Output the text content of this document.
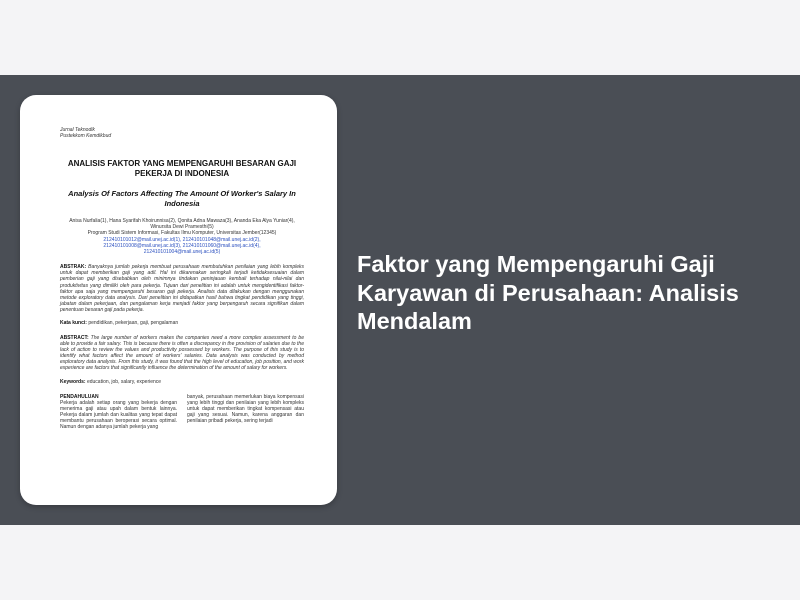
Jurnal Teknodik
Pustekkom Kemdikbud
ANALISIS FAKTOR YANG MEMPENGARUHI BESARAN GAJI PEKERJA DI INDONESIA
Analysis Of Factors Affecting The Amount Of Worker's Salary In Indonesia
Anisa Nurfalia(1), Hana Syarifah Khoirunnisa(2), Qonita Adna Mawaza(3), Ananda Eka Alya Yuniar(4), Winursita Dewi Pramesthi(5)
Program Studi Sistem Informasi, Fakultas Ilmu Komputer, Universitas Jember(12345)
212410101012@mail.unej.ac.id(1), 212410101048@mail.unej.ac.id(2),
212410101008@mail.unej.ac.id(3), 212410101060@mail.unej.ac.id(4),
212410101004@mail.unej.ac.id(5)
ABSTRAK: Banyaknya jumlah pekerja membuat perusahaan membutuhkan penilaian yang lebih kompleks untuk dapat memberikan gaji yang adil. Hal ini dikarenakan seringkali terjadi ketidaksesuaian dalam pemberian gaji yang disebabkan oleh minimnya tindakan peninjauan kembali terhadap nilai-nilai dan produktivitas yang dimiliki oleh para pekerja. Tujuan dari penelitian ini adalah untuk mengidentifikasi faktor-faktor apa saja yang mempengaruhi besaran gaji pekerja. Analisis data dilakukan dengan menggunakan metode exploratory data analysis. Dari penelitian ini didapatkan hasil bahwa tingkat pendidikan yang tinggi, jabatan dalam pekerjaan, dan pengalaman kerja menjadi faktor yang berpengaruh secara signifikan dalam penentuan besaran gaji pada pekerja.
Kata kunci: pendidikan, pekerjaan, gaji, pengalaman
ABSTRACT: The large number of workers makes the companies need a more complex assessment to be able to provide a fair salary. This is because there is often a discrepancy in the provision of salaries due to the lack of action to review the values and productivity possessed by workers. The purpose of this study is to identify what factors affect the amount of workers' salaries. Data analysis was conducted by method exploratory data analysis. From this study, it was found that the high level of education, job position, and work experience are factors that significantly influence the determination of the amount of salary for workers.
Keywords: education, job, salary, experience
PENDAHULUAN
Pekerja adalah setiap orang yang bekerja dengan menerima gaji atau upah dalam bentuk lainnya. Pekerja dalam jumlah dan kualitas yang tepat dapat membantu perusahaan beroperasi secara optimal. Namun dengan adanya jumlah pekerja yang
banyak, perusahaan memerlukan biaya kompensasi yang lebih tinggi dan penilaian yang lebih kompleks untuk dapat memberikan tingkat kompensasi atau gaji yang sesuai. Namun, karena anggaran dan penilaian pribadi pekerja, sering terjadi
Faktor yang Mempengaruhi Gaji Karyawan di Perusahaan: Analisis Mendalam
